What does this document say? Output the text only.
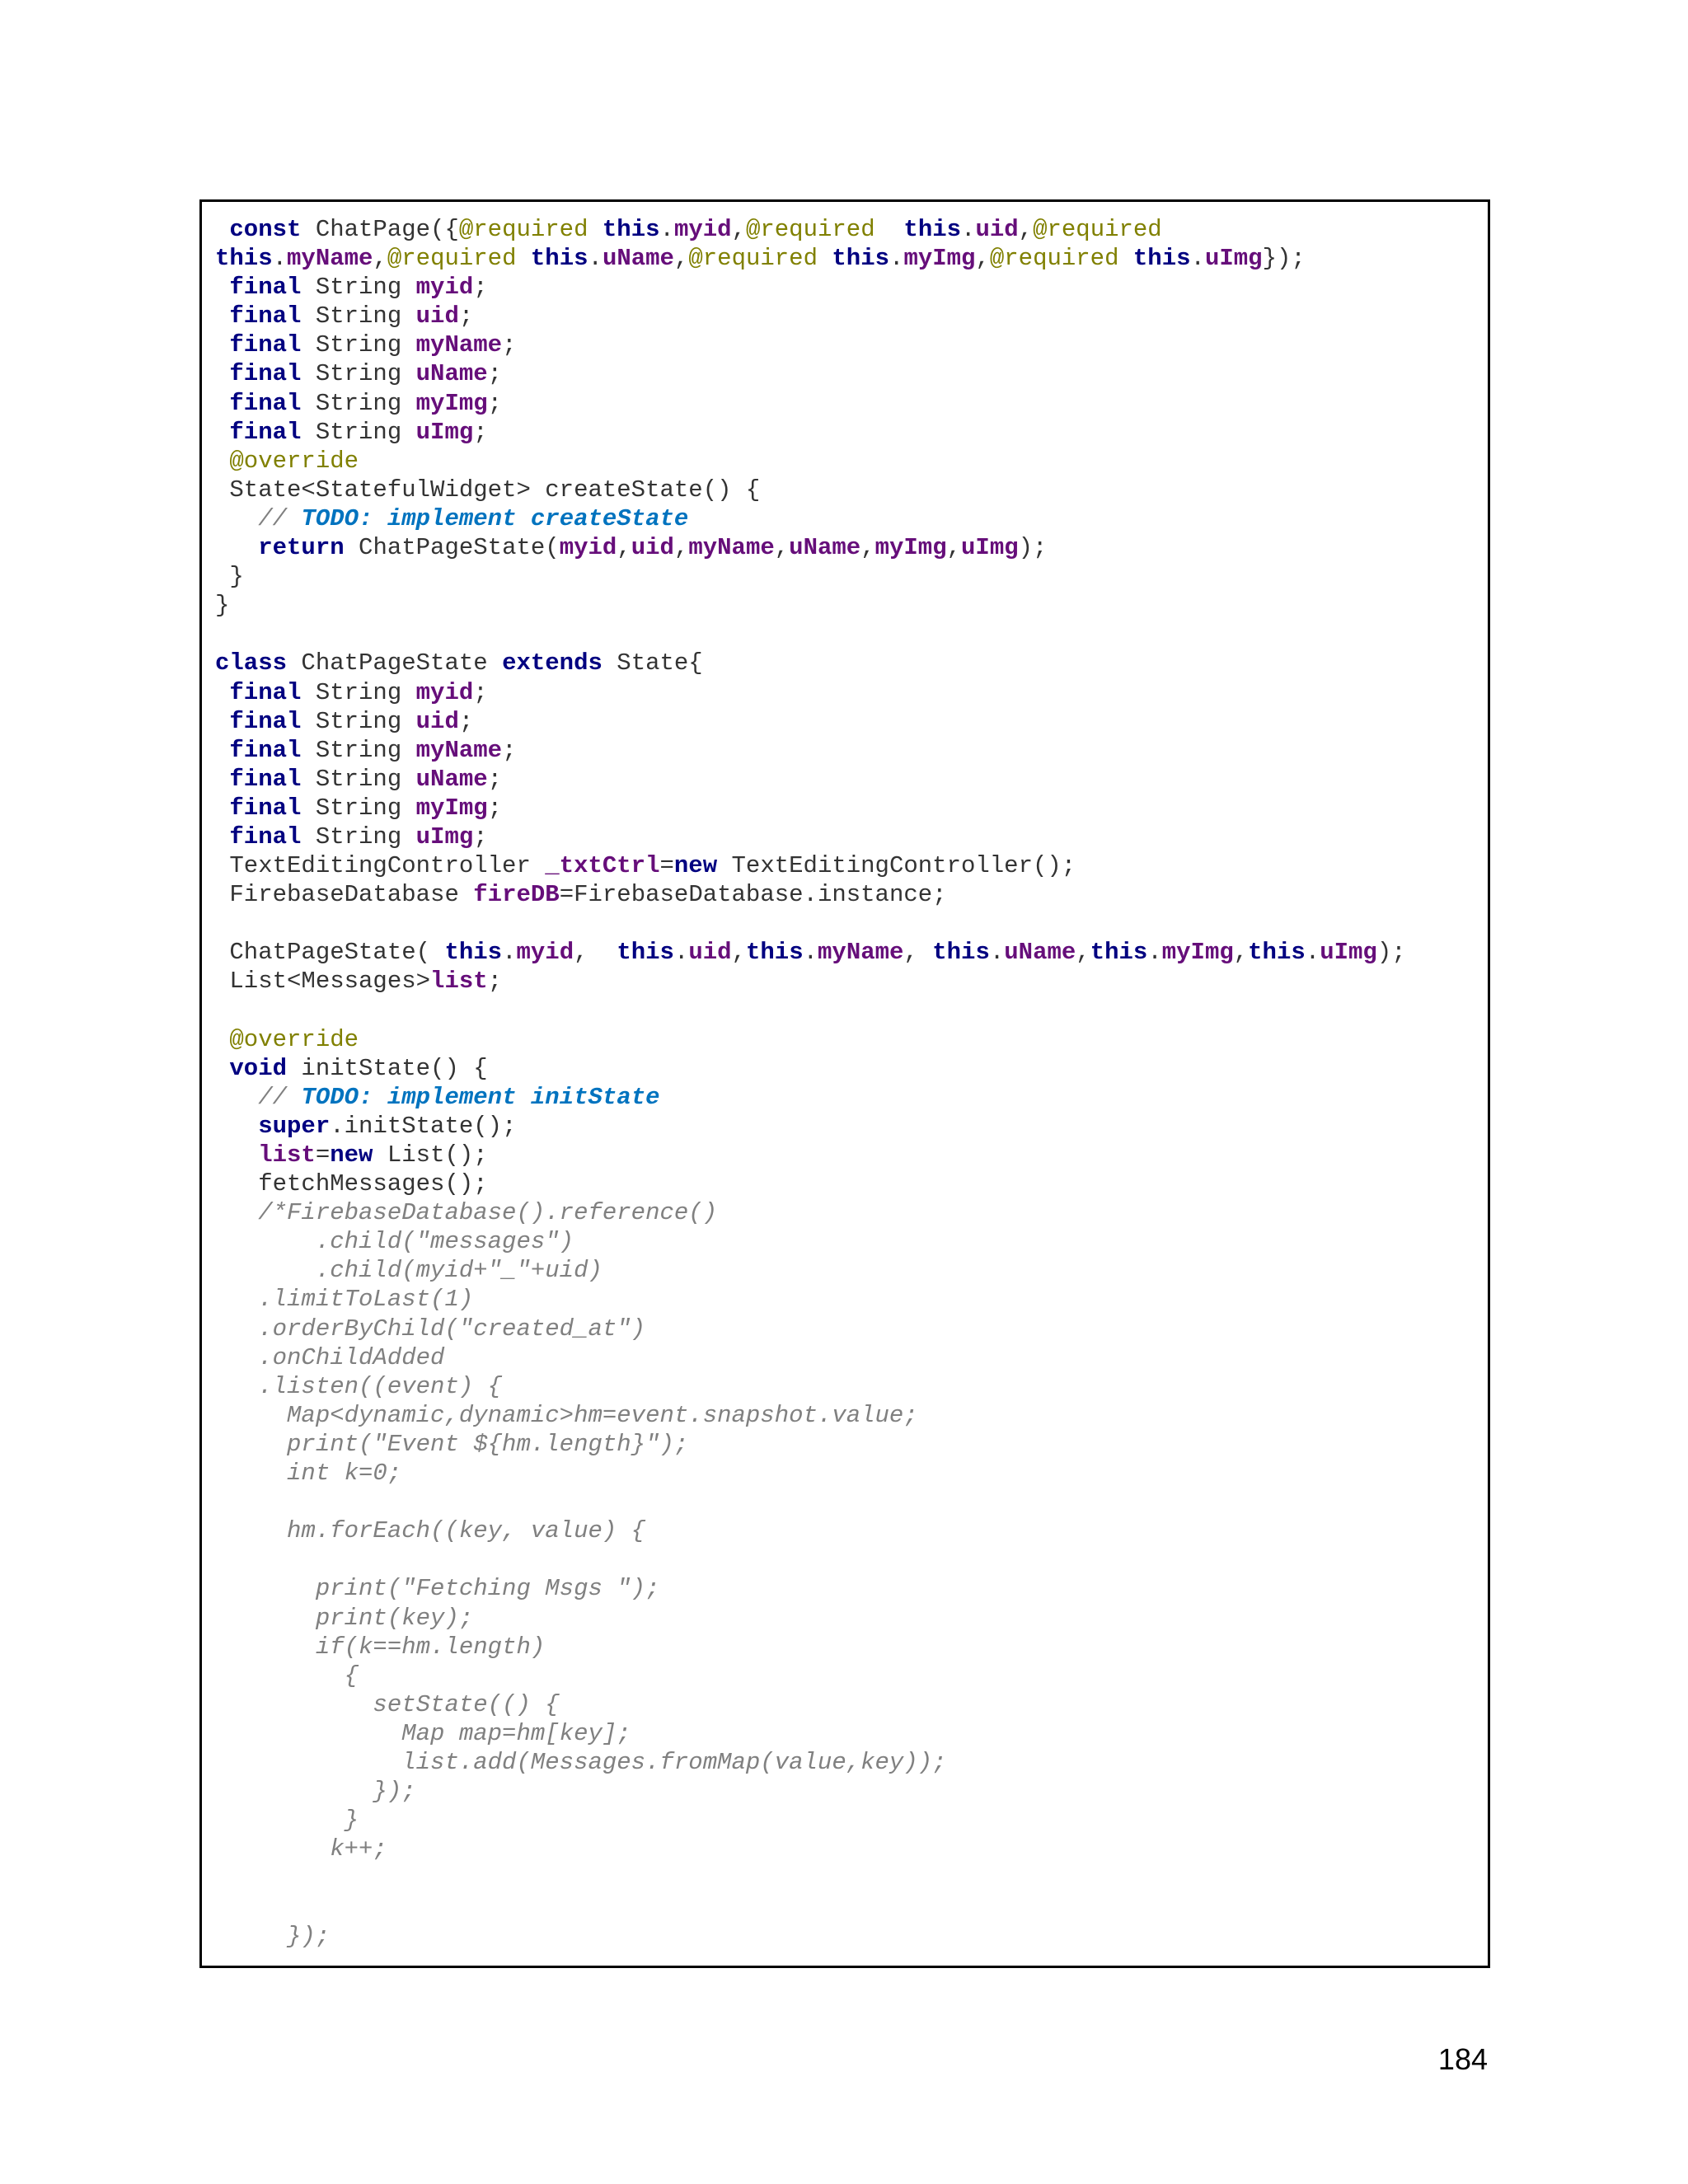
const ChatPage({@required this.myid,@required this.uid,@required
this.myName,@required this.uName,@required this.myImg,@required this.uImg});
final String myid;
final String uid;
final String myName;
final String uName;
final String myImg;
final String uImg;
@override
State<StatefulWidget> createState() {
// TODO: implement createState
return ChatPageState(myid,uid,myName,uName,myImg,uImg);
}
}
class ChatPageState extends State{
final String myid;
final String uid;
final String myName;
final String uName;
final String myImg;
final String uImg;
TextEditingController _txtCtrl=new TextEditingController();
FirebaseDatabase fireDB=FirebaseDatabase.instance;
ChatPageState( this.myid,  this.uid,this.myName, this.uName,this.myImg,this.uImg);
List<Messages>list;
@override
void initState() {
// TODO: implement initState
super.initState();
list=new List();
fetchMessages();
/*FirebaseDatabase().reference()
.child("messages")
.child(myid+"_"+uid)
.limitToLast(1)
.orderByChild("created_at")
.onChildAdded
.listen((event) {
Map<dynamic,dynamic>hm=event.snapshot.value;
print("Event ${hm.length}");
int k=0;
hm.forEach((key, value) {
print("Fetching Msgs ");
print(key);
if(k==hm.length)
{
setState(() {
Map map=hm[key];
list.add(Messages.fromMap(value,key));
});
}
k++;
});
184
